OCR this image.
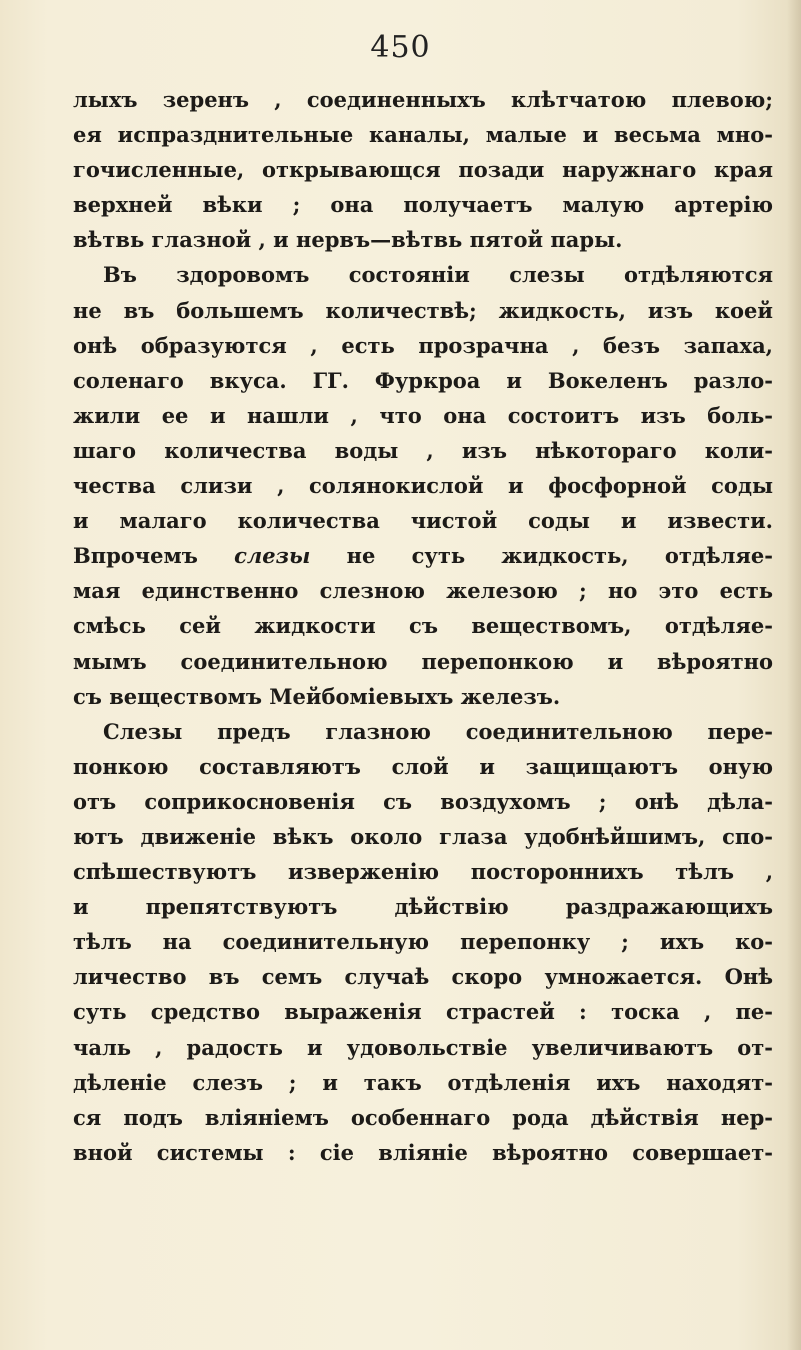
450
лыхъ зеренъ , соединенныхъ клѣтчатою плевою;
ея испразднительные каналы, малые и весьма мно-
гочисленные, открывающся позади наружнаго края
верхней вѣки ; она получаетъ малую артерію
вѣтвь глазной , и нервъ—вѣтвь пятой пары.
Въ здоровомъ состояніи слезы отдѣляются
не въ большемъ количествѣ; жидкость, изъ коей
онѣ образуются , есть прозрачна , безъ запаха,
соленаго вкуса. ГГ. Фуркроа и Вокеленъ разло-
жили ее и нашли , что она состоитъ изъ боль-
шаго количества воды , изъ нѣкотораго коли-
чества слизи , солянокислой и фосфорной соды
и малаго количества чистой соды и извести.
Впрочемъ слезы не суть жидкость, отдѣляе-
мая единственно слезною железою ; но это есть
смѣсь сей жидкости съ веществомъ, отдѣляе-
мымъ соединительною перепонкою и вѣроятно
съ веществомъ Мейбоміевыхъ железъ.
Слезы предъ глазною соединительною пере-
понкою составляютъ слой и защищаютъ оную
отъ соприкосновенія съ воздухомъ ; онѣ дѣла-
ютъ движеніе вѣкъ около глаза удобнѣйшимъ, спо-
спѣшествуютъ изверженію постороннихъ тѣлъ ,
и препятствуютъ дѣйствію раздражающихъ
тѣлъ на соединительную перепонку ; ихъ ко-
личество въ семъ случаѣ скоро умножается. Онѣ
суть средство выраженія страстей : тоска , пе-
чаль , радость и удовольствіе увеличиваютъ от-
дѣленіе слезъ ; и такъ отдѣленія ихъ находят-
ся подъ вліяніемъ особеннаго рода дѣйствія нер-
вной системы : сіе вліяніе вѣроятно совершает-
